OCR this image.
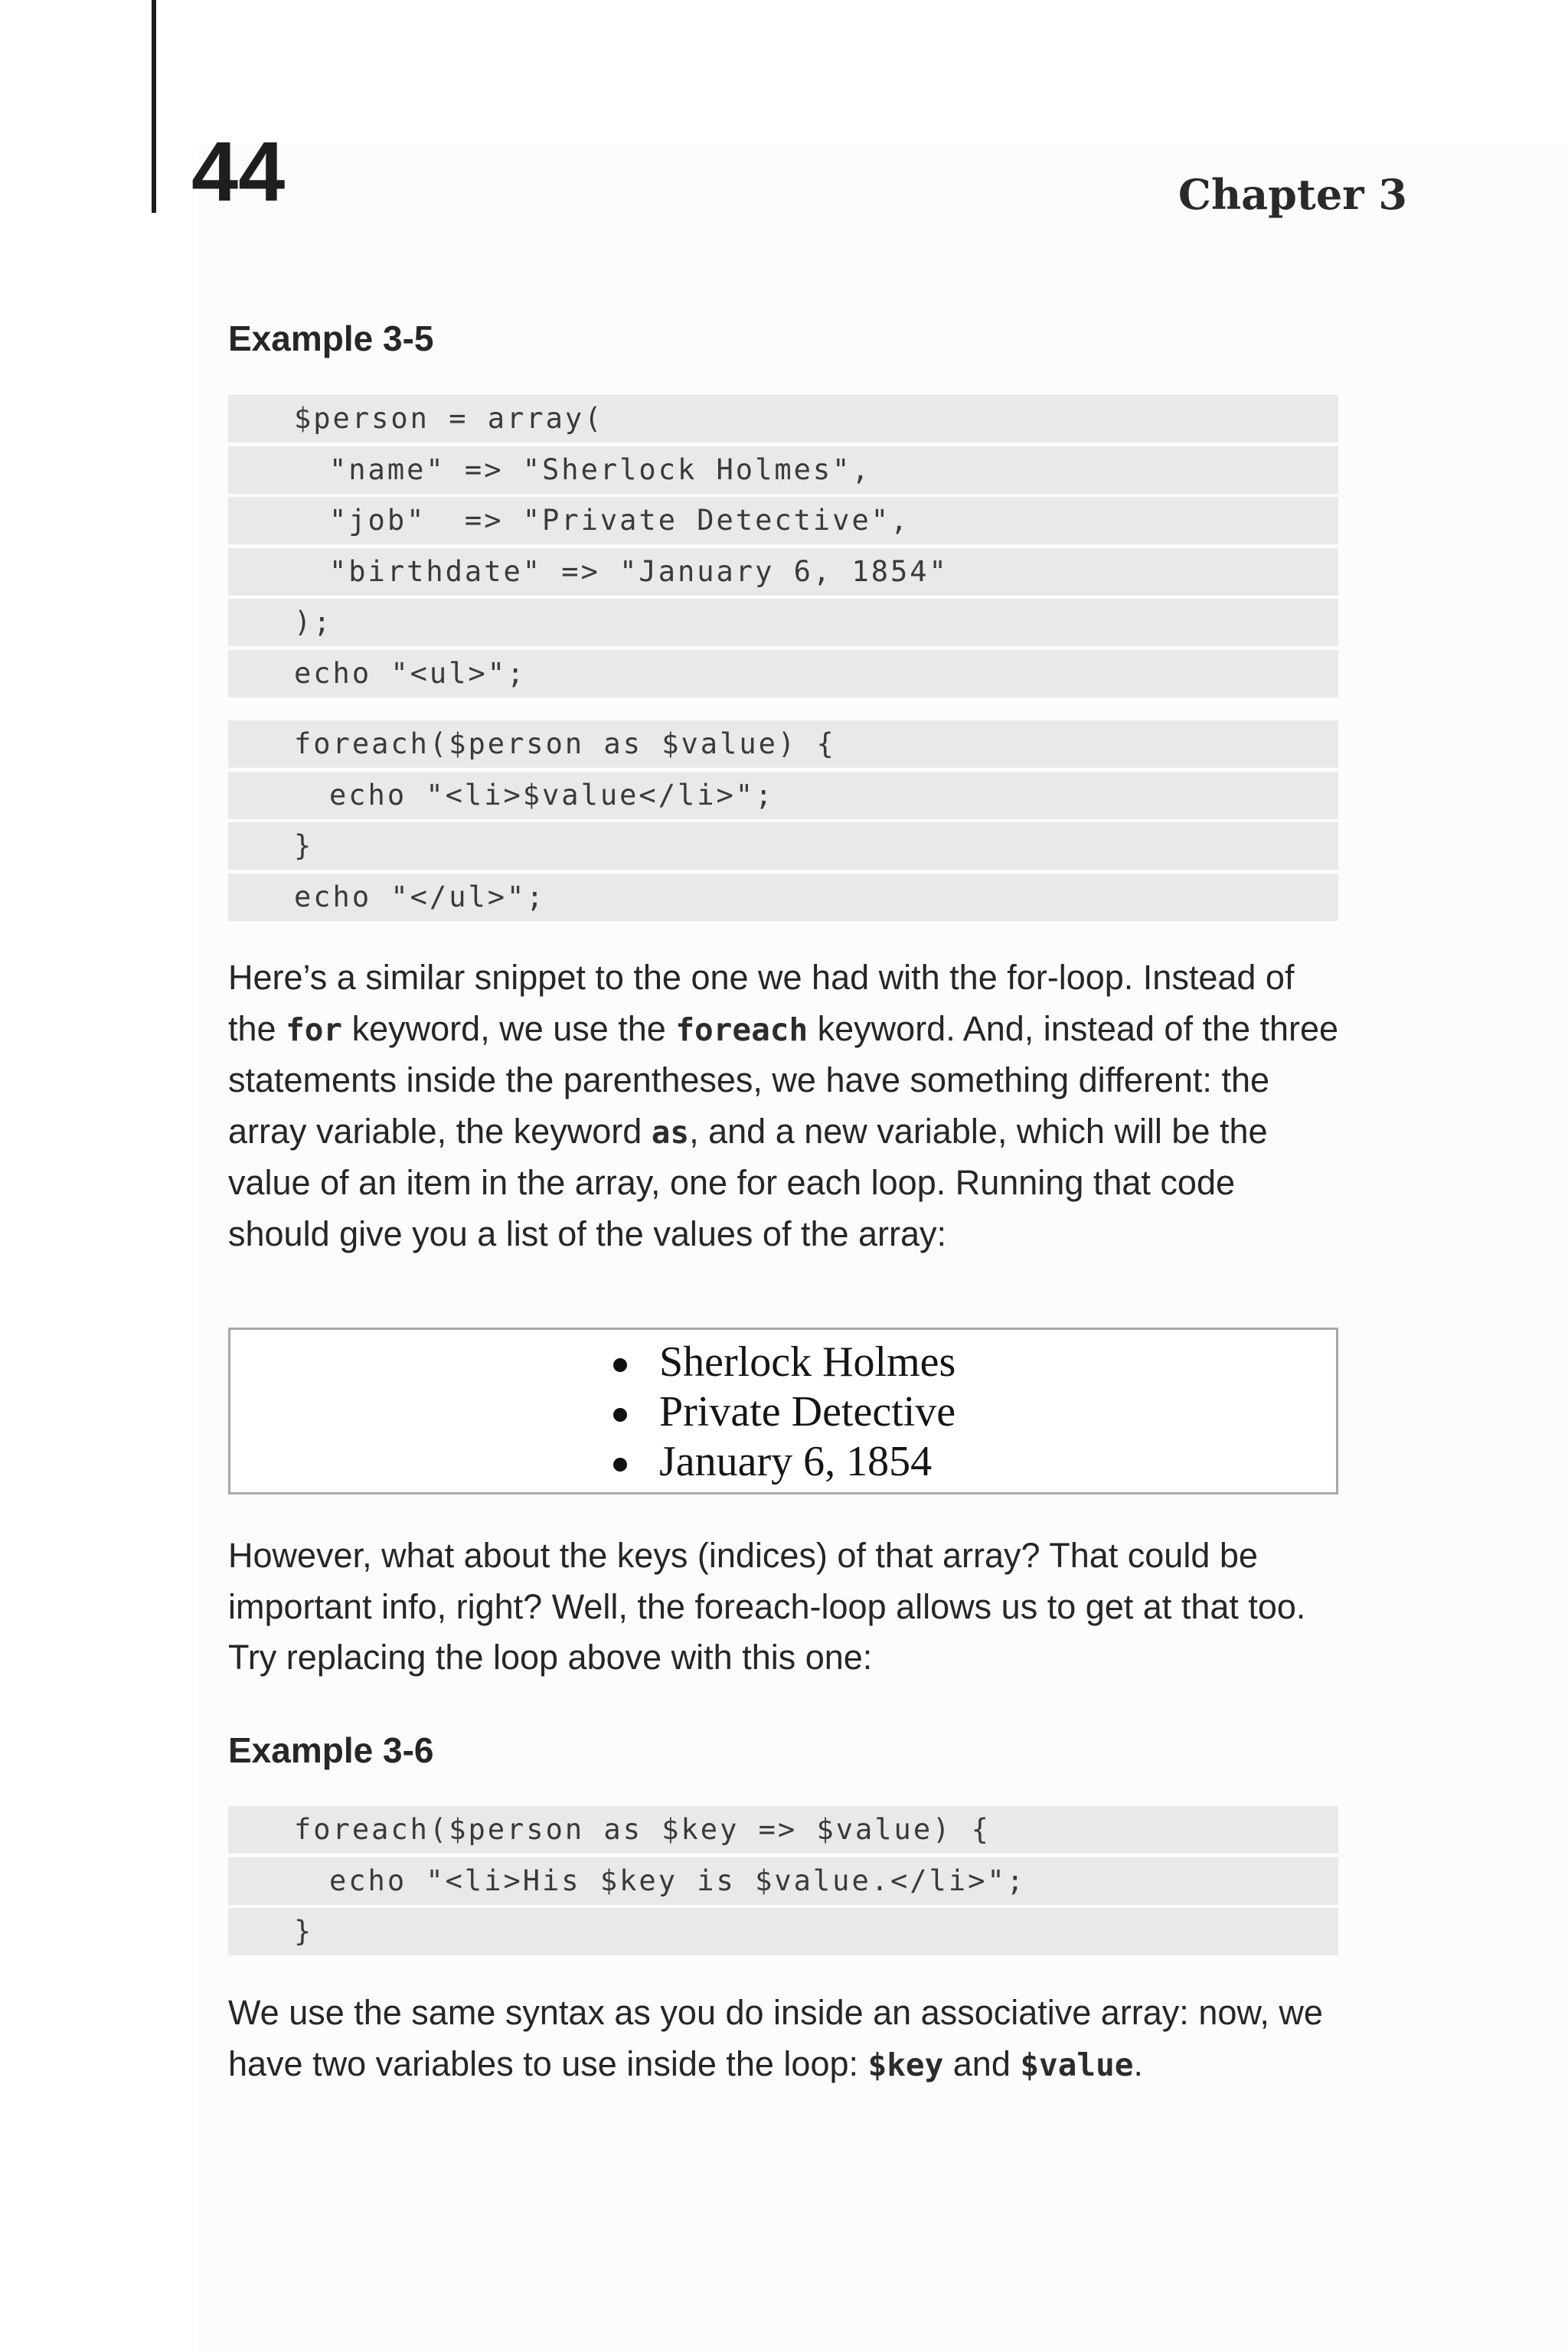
44	Chapter 3
Example 3-5
$person = array(
"name" => "Sherlock Holmes",
"job"  => "Private Detective",
"birthdate" => "January 6, 1854"
);
echo "<ul>";
foreach($person as $value) {
echo "<li>$value</li>";
}
echo "</ul>";

Here’s a similar snippet to the one we had with the for-loop. Instead of the for keyword, we use the foreach keyword. And, instead of the three statements inside the parentheses, we have something different: the array variable, the keyword as, and a new variable, which will be the value of an item in the array, one for each loop. Running that code should give you a list of the values of the array:

Sherlock Holmes
Private Detective
January 6, 1854

However, what about the keys (indices) of that array? That could be important info, right? Well, the foreach-loop allows us to get at that too. Try replacing the loop above with this one:

Example 3-6
foreach($person as $key => $value) {
echo "<li>His $key is $value.</li>";
}

We use the same syntax as you do inside an associative array: now, we have two variables to use inside the loop: $key and $value.
